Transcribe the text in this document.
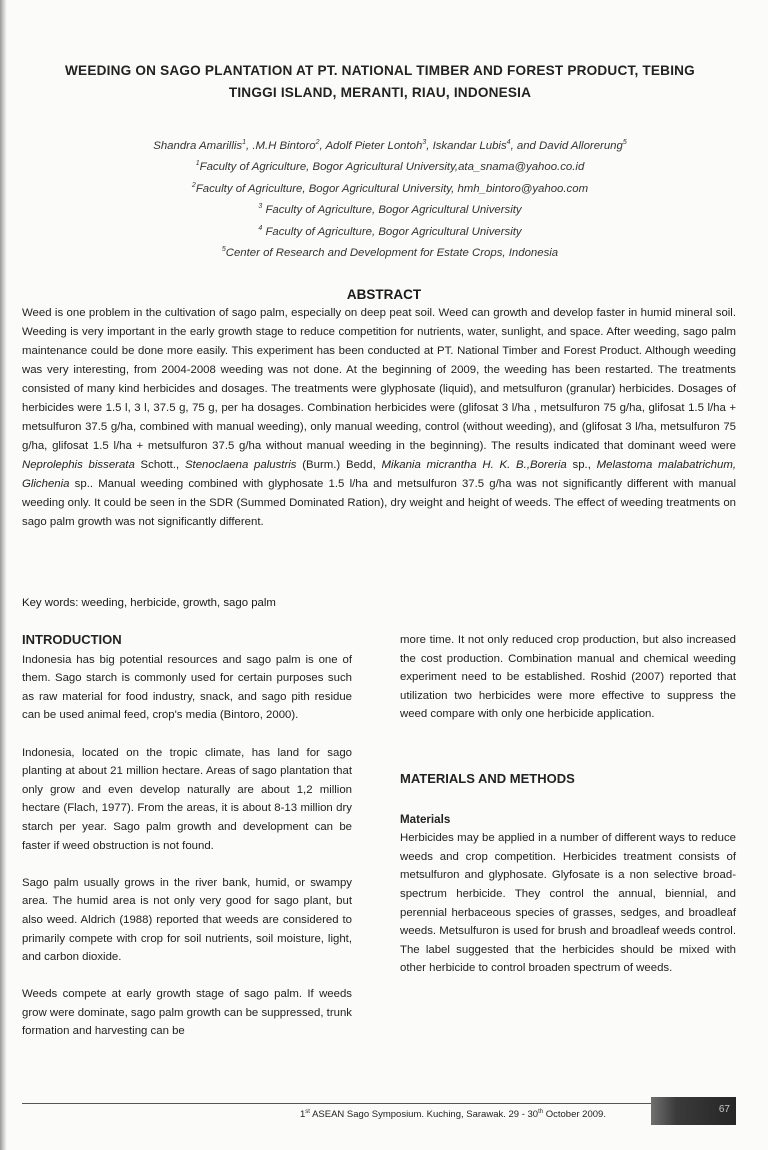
WEEDING ON SAGO PLANTATION AT PT. NATIONAL TIMBER AND FOREST PRODUCT, TEBING
TINGGI ISLAND, MERANTI, RIAU, INDONESIA
Shandra Amarillis$^1$, .M.H Bintoro$^2$, Adolf Pieter Lontoh$^3$, Iskandar Lubis$^4$, and David Allorerung$^5$
$^1$Faculty of Agriculture, Bogor Agricultural University,ata_snama@yahoo.co.id
$^2$Faculty of Agriculture, Bogor Agricultural University, hmh_bintoro@yahoo.com
$^3$ Faculty of Agriculture, Bogor Agricultural University
$^4$ Faculty of Agriculture, Bogor Agricultural University
$^5$Center of Research and Development for Estate Crops, Indonesia
ABSTRACT
Weed is one problem in the cultivation of sago palm, especially on deep peat soil. Weed can growth and develop faster in humid mineral soil. Weeding is very important in the early growth stage to reduce competition for nutrients, water, sunlight, and space. After weeding, sago palm maintenance could be done more easily. This experiment has been conducted at PT. National Timber and Forest Product. Although weeding was very interesting, from 2004-2008 weeding was not done. At the beginning of 2009, the weeding has been restarted. The treatments consisted of many kind herbicides and dosages. The treatments were glyphosate (liquid), and metsulfuron (granular) herbicides. Dosages of herbicides were 1.5 l, 3 l, 37.5 g, 75 g, per ha dosages. Combination herbicides were (glifosat 3 l/ha , metsulfuron 75 g/ha, glifosat 1.5 l/ha + metsulfuron 37.5 g/ha, combined with manual weeding), only manual weeding, control (without weeding), and (glifosat 3 l/ha, metsulfuron 75 g/ha, glifosat 1.5 l/ha + metsulfuron 37.5 g/ha without manual weeding in the beginning). The results indicated that dominant weed were Neprolephis bisserata Schott., Stenoclaena palustris (Burm.) Bedd, Mikania micrantha H. K. B.,Boreria sp., Melastoma malabatrichum, Glichenia sp.. Manual weeding combined with glyphosate 1.5 l/ha and metsulfuron 37.5 g/ha was not significantly different with manual weeding only. It could be seen in the SDR (Summed Dominated Ration), dry weight and height of weeds. The effect of weeding treatments on sago palm growth was not significantly different.
Key words: weeding, herbicide, growth, sago palm
INTRODUCTION

Indonesia has big potential resources and sago palm is one of them. Sago starch is commonly used for certain purposes such as raw material for food industry, snack, and sago pith residue can be used animal feed, crop's media (Bintoro, 2000).

Indonesia, located on the tropic climate, has land for sago planting at about 21 million hectare. Areas of sago plantation that only grow and even develop naturally are about 1,2 million hectare (Flach, 1977). From the areas, it is about 8-13 million dry starch per year. Sago palm growth and development can be faster if weed obstruction is not found.

Sago palm usually grows in the river bank, humid, or swampy area. The humid area is not only very good for sago plant, but also weed. Aldrich (1988) reported that weeds are considered to primarily compete with crop for soil nutrients, soil moisture, light, and carbon dioxide.

Weeds compete at early growth stage of sago palm. If weeds grow were dominate, sago palm growth can be suppressed, trunk formation and harvesting can be

more time. It not only reduced crop production, but also increased the cost production. Combination manual and chemical weeding experiment need to be established. Roshid (2007) reported that utilization two herbicides were more effective to suppress the weed compare with only one herbicide application.

MATERIALS AND METHODS
Materials

Herbicides may be applied in a number of different ways to reduce weeds and crop competition. Herbicides treatment consists of metsulfuron and glyphosate. Glyfosate is a non selective broad-spectrum herbicide. They control the annual, biennial, and perennial herbaceous species of grasses, sedges, and broadleaf weeds. Metsulfuron is used for brush and broadleaf weeds control. The label suggested that the herbicides should be mixed with other herbicide to control broaden spectrum of weeds.

1st ASEAN Sago Symposium. Kuching, Sarawak. 29 - 30th October 2009.	67
